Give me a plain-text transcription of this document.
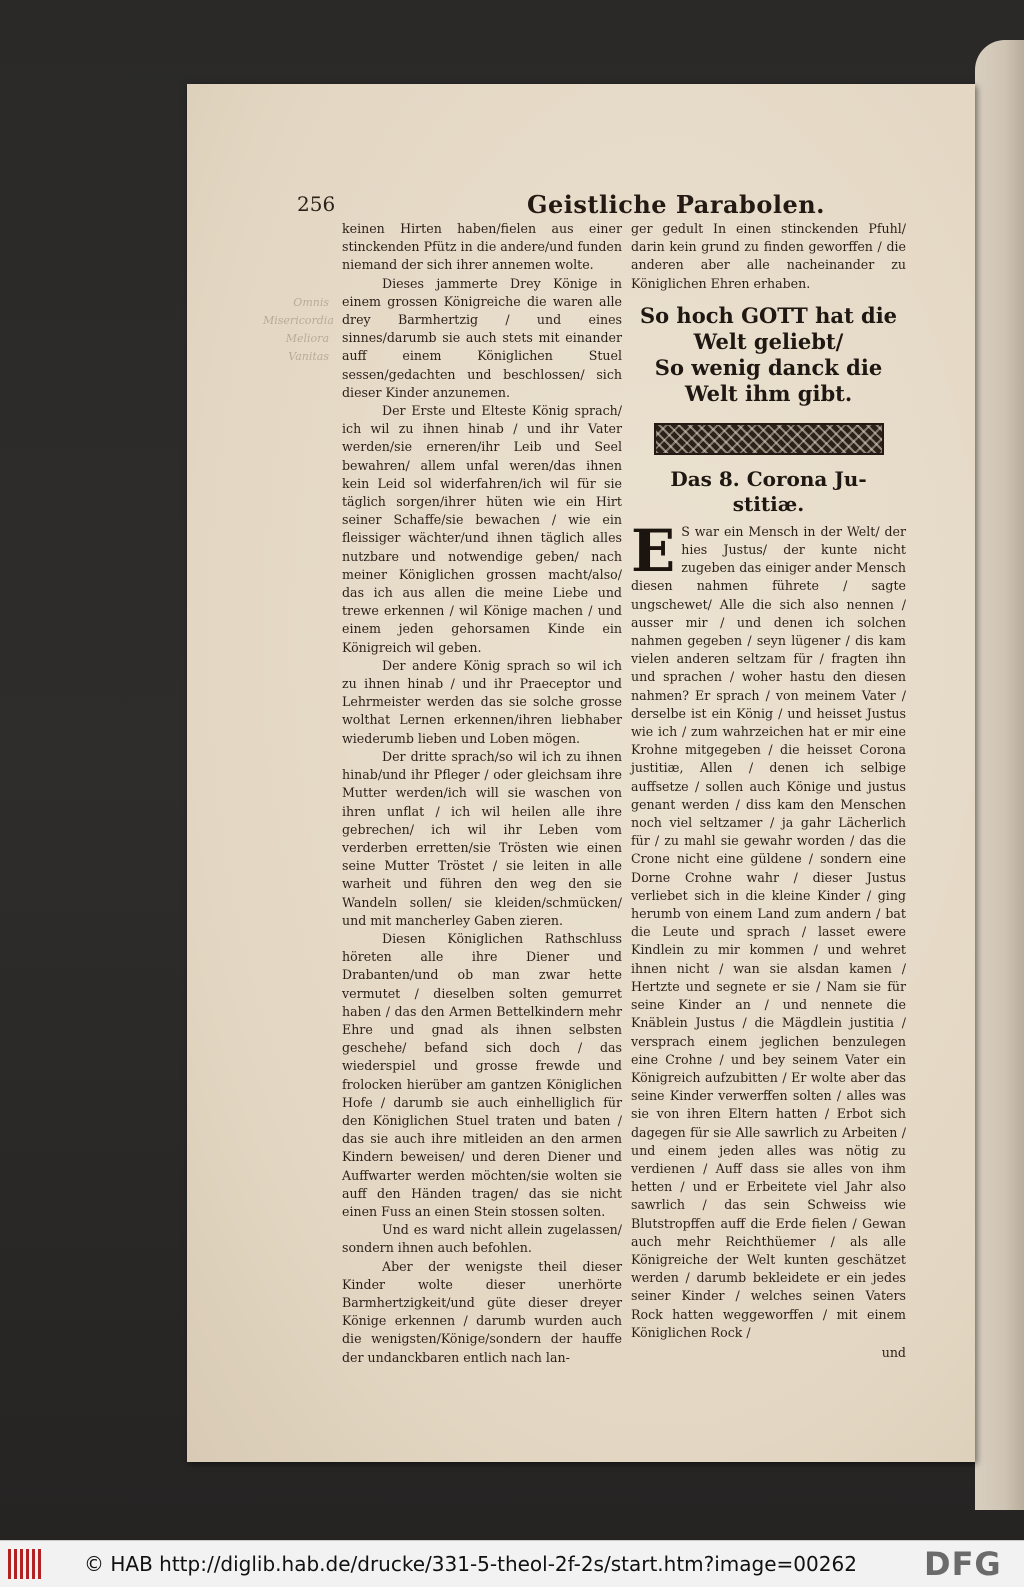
256	Geistliche Parabolen.
Omnis Misericordia Meliora Vanitas

keinen Hirten haben/fielen aus einer stinckenden Pfütz in die andere/und funden niemand der sich ihrer annemen wolte.

Dieses jammerte Drey Könige in einem grossen Königreiche die waren alle drey Barmhertzig / und eines sinnes/darumb sie auch stets mit einander auff einem Königlichen Stuel sessen/gedachten und beschlossen/ sich dieser Kinder anzunemen.

Der Erste und Elteste König sprach/ ich wil zu ihnen hinab / und ihr Vater werden/sie erneren/ihr Leib und Seel bewahren/ allem unfal weren/das ihnen kein Leid sol widerfahren/ich wil für sie täglich sorgen/ihrer hüten wie ein Hirt seiner Schaffe/sie bewachen / wie ein fleissiger wächter/und ihnen täglich alles nutzbare und notwendige geben/ nach meiner Königlichen grossen macht/also/ das ich aus allen die meine Liebe und trewe erkennen / wil Könige machen / und einem jeden gehorsamen Kinde ein Königreich wil geben.

Der andere König sprach so wil ich zu ihnen hinab / und ihr Praeceptor und Lehrmeister werden das sie solche grosse wolthat Lernen erkennen/ihren liebhaber wiederumb lieben und Loben mögen.

Der dritte sprach/so wil ich zu ihnen hinab/und ihr Pfleger / oder gleichsam ihre Mutter werden/ich will sie waschen von ihren unflat / ich wil heilen alle ihre gebrechen/ ich wil ihr Leben vom verderben erretten/sie Trösten wie einen seine Mutter Tröstet / sie leiten in alle warheit und führen den weg den sie Wandeln sollen/ sie kleiden/schmücken/ und mit mancherley Gaben zieren.

Diesen Königlichen Rathschluss höreten alle ihre Diener und Drabanten/und ob man zwar hette vermutet / dieselben solten gemurret haben / das den Armen Bettelkindern mehr Ehre und gnad als ihnen selbsten geschehe/ befand sich doch / das wiederspiel und grosse frewde und frolocken hierüber am gantzen Königlichen Hofe / darumb sie auch einhelliglich für den Königlichen Stuel traten und baten / das sie auch ihre mitleiden an den armen Kindern beweisen/ und deren Diener und Auffwarter werden möchten/sie wolten sie auff den Händen tragen/ das sie nicht einen Fuss an einen Stein stossen solten.

Und es ward nicht allein zugelassen/ sondern ihnen auch befohlen.

Aber der wenigste theil dieser Kinder wolte dieser unerhörte Barmhertzigkeit/und güte dieser dreyer Könige erkennen / darumb wurden auch die wenigsten/Könige/sondern der hauffe der undanckbaren entlich nach lan-

ger gedult In einen stinckenden Pfuhl/ darin kein grund zu finden geworffen / die anderen aber alle nacheinander zu Königlichen Ehren erhaben.

So hoch GOTT hat die Welt geliebt/
So wenig danck die Welt ihm gibt.
Das 8. Corona Ju-
stitiæ.
E S war ein Mensch in der Welt/ der hies Justus/ der kunte nicht zugeben das einiger ander Mensch diesen nahmen führete / sagte ungschewet/ Alle die sich also nennen / ausser mir / und denen ich solchen nahmen gegeben / seyn lügener / dis kam vielen anderen seltzam für / fragten ihn und sprachen / woher hastu den diesen nahmen? Er sprach / von meinem Vater / derselbe ist ein König / und heisset Justus wie ich / zum wahrzeichen hat er mir eine Krohne mitgegeben / die heisset Corona justitiæ, Allen / denen ich selbige auffsetze / sollen auch Könige und justus genant werden / diss kam den Menschen noch viel seltzamer / ja gahr Lächerlich für / zu mahl sie gewahr worden / das die Crone nicht eine güldene / sondern eine Dorne Crohne wahr / dieser Justus verliebet sich in die kleine Kinder / ging herumb von einem Land zum andern / bat die Leute und sprach / lasset ewere Kindlein zu mir kommen / und wehret ihnen nicht / wan sie alsdan kamen / Hertzte und segnete er sie / Nam sie für seine Kinder an / und nennete die Knäblein Justus / die Mägdlein justitia / versprach einem jeglichen benzulegen eine Crohne / und bey seinem Vater ein Königreich aufzubitten / Er wolte aber das seine Kinder verwerffen solten / alles was sie von ihren Eltern hatten / Erbot sich dagegen für sie Alle sawrlich zu Arbeiten / und einem jeden alles was nötig zu verdienen / Auff dass sie alles von ihm hetten / und er Erbeitete viel Jahr also sawrlich / das sein Schweiss wie Blutstropffen auff die Erde fielen / Gewan auch mehr Reichthüemer / als alle Königreiche der Welt kunten geschätzet werden / darumb bekleidete er ein jedes seiner Kinder / welches seinen Vaters Rock hatten weggeworffen / mit einem Königlichen Rock /
und
© HAB http://diglib.hab.de/drucke/331-5-theol-2f-2s/start.htm?image=00262 DFG
